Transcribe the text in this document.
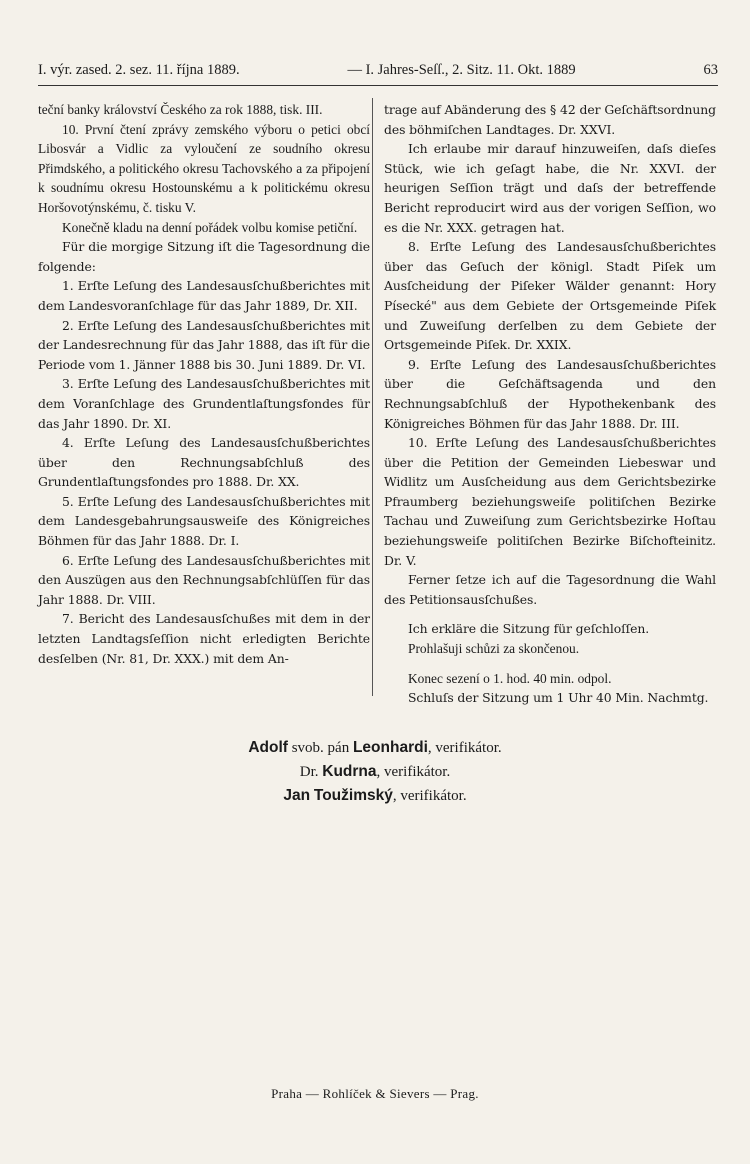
I. výr. zased. 2. sez. 11. října 1889.	— I. Jahres-Seſſ., 2. Sitz. 11. Okt. 1889	63

teční banky království Českého za rok 1888, tisk. III.

10. První čtení zprávy zemského výboru o petici obcí Libosvár a Vidlic za vyloučení ze soudního okresu Přimdského, a politického okresu Tachovského a za připojení k soudnímu okresu Hostounskému a k politickému okresu Horšovotýnskému, č. tisku V.

Konečně kladu na denní pořádek volbu komise petiční.

Für die morgige Sitzung iſt die Tagesordnung die folgende:

1. Erſte Leſung des Landesausſchußberichtes mit dem Landesvoranſchlage für das Jahr 1889, Dr. XII.

2. Erſte Leſung des Landesausſchußberichtes mit der Landesrechnung für das Jahr 1888, das iſt für die Periode vom 1. Jänner 1888 bis 30. Juni 1889. Dr. VI.

3. Erſte Leſung des Landesausſchußberichtes mit dem Voranſchlage des Grundentlaſtungsfondes für das Jahr 1890. Dr. XI.

4. Erſte Leſung des Landesausſchußberichtes über den Rechnungsabſchluß des Grundentlaſtungsfondes pro 1888. Dr. XX.

5. Erſte Leſung des Landesausſchußberichtes mit dem Landesgebahrungsausweiſe des Königreiches Böhmen für das Jahr 1888. Dr. I.

6. Erſte Leſung des Landesausſchußberichtes mit den Auszügen aus den Rechnungsabſchlüſſen für das Jahr 1888. Dr. VIII.

7. Bericht des Landesausſchußes mit dem in der letzten Landtagsſeſſion nicht erledigten Berichte desſelben (Nr. 81, Dr. XXX.) mit dem An-

trage auf Abänderung des § 42 der Geſchäftsordnung des böhmiſchen Landtages. Dr. XXVI.

Ich erlaube mir darauf hinzuweiſen, daſs dieſes Stück, wie ich geſagt habe, die Nr. XXVI. der heurigen Seſſion trägt und daſs der betreffende Bericht reproducirt wird aus der vorigen Seſſion, wo es die Nr. XXX. getragen hat.

8. Erſte Leſung des Landesausſchußberichtes über das Geſuch der königl. Stadt Piſek um Ausſcheidung der Piſeker Wälder genannt: Hory Písecké" aus dem Gebiete der Ortsgemeinde Piſek und Zuweiſung derſelben zu dem Gebiete der Ortsgemeinde Piſek. Dr. XXIX.

9. Erſte Leſung des Landesausſchußberichtes über die Geſchäftsagenda und den Rechnungsabſchluß der Hypothekenbank des Königreiches Böhmen für das Jahr 1888. Dr. III.

10. Erſte Leſung des Landesausſchußberichtes über die Petition der Gemeinden Liebeswar und Widlitz um Ausſcheidung aus dem Gerichtsbezirke Pfraumberg beziehungsweiſe politiſchen Bezirke Tachau und Zuweiſung zum Gerichtsbezirke Hoſtau beziehungsweiſe politiſchen Bezirke Biſchofteinitz. Dr. V.

Ferner ſetze ich auf die Tagesordnung die Wahl des Petitionsausſchußes.

Ich erkläre die Sitzung für geſchloſſen.

Prohlašuji schůzi za skončenou.

Konec sezení o 1. hod. 40 min. odpol.

Schluſs der Sitzung um 1 Uhr 40 Min. Nachmtg.

Adolf svob. pán Leonhardi, verifikátor.
Dr. Kudrna, verifikátor.
Jan Toužimský, verifikátor.
Praha — Rohlíček & Sievers — Prag.
